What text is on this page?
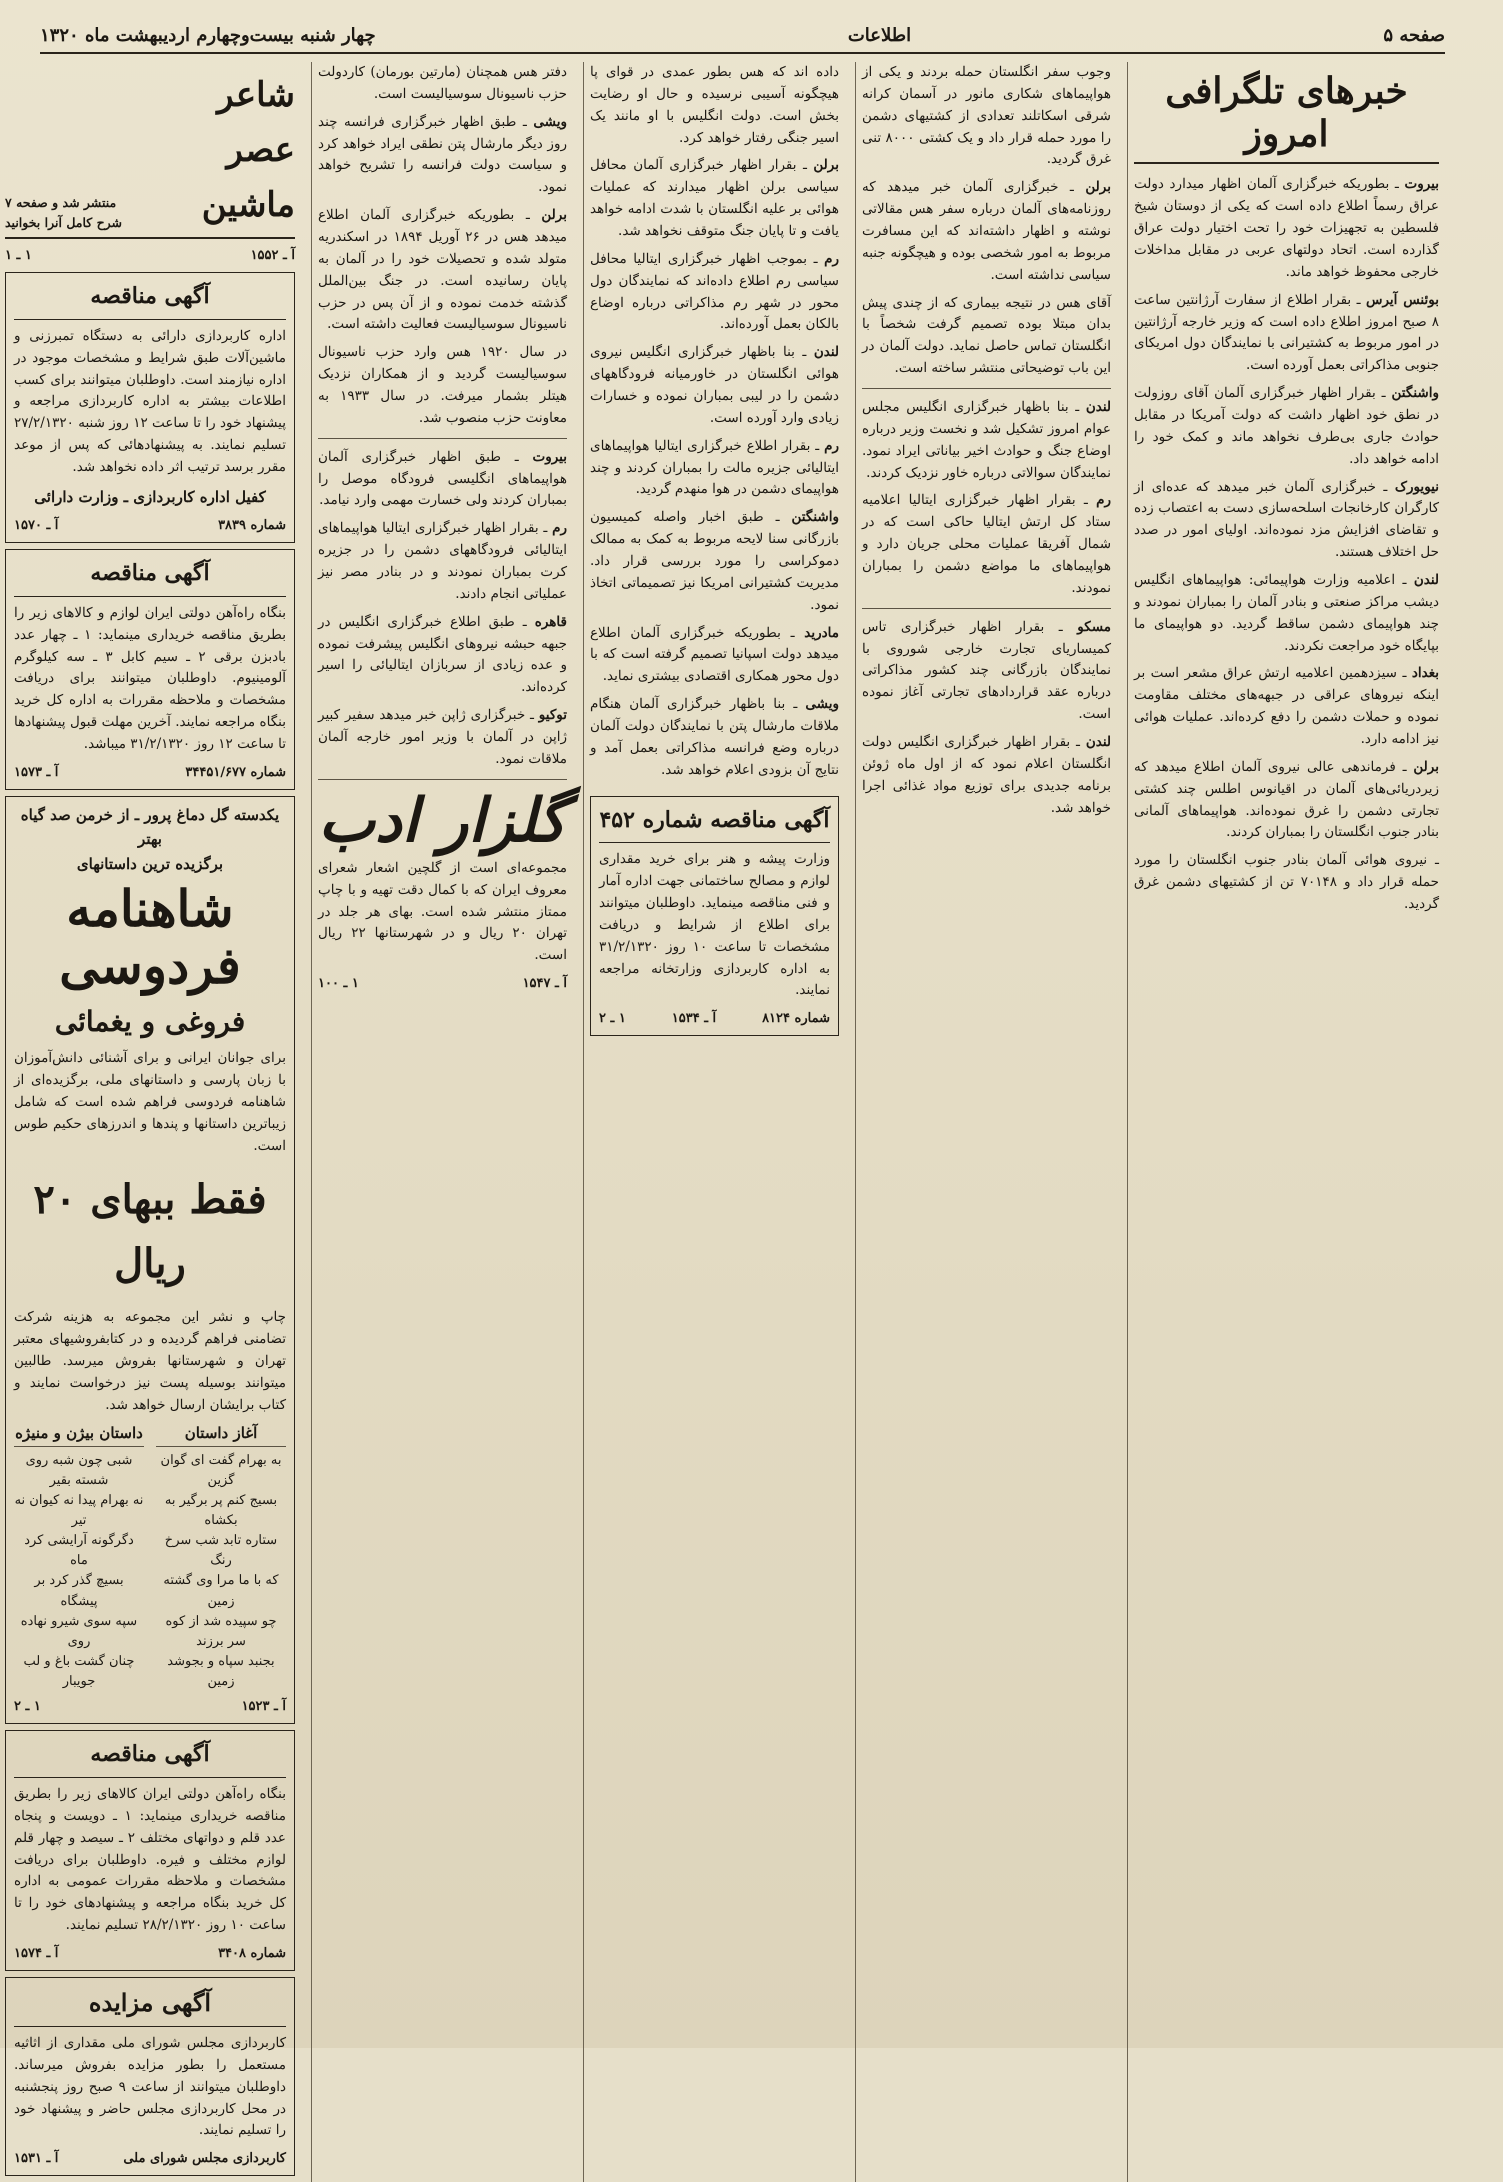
صفحه ۵
اطلاعات
چهار شنبه بیست‌وچهارم اردیبهشت ماه ۱۳۲۰
خبرهای تلگرافی امروز

بیروت ـ بطوریکه خبرگزاری آلمان اظهار میدارد دولت عراق رسماً اطلاع داده است که یکی از دوستان شیخ فلسطین به تجهیزات خود را تحت اختیار دولت عراق گذارده است. اتحاد دولتهای عربی در مقابل مداخلات خارجی محفوظ خواهد ماند.

بوئنس آیرس ـ بقرار اطلاع از سفارت آرژانتین ساعت ۸ صبح امروز اطلاع داده است که وزیر خارجه آرژانتین در امور مربوط به کشتیرانی با نمایندگان دول امریکای جنوبی مذاکراتی بعمل آورده است.

واشنگتن ـ بقرار اظهار خبرگزاری آلمان آقای روزولت در نطق خود اظهار داشت که دولت آمریکا در مقابل حوادث جاری بی‌طرف نخواهد ماند و کمک خود را ادامه خواهد داد.

نیویورک ـ خبرگزاری آلمان خبر میدهد که عده‌ای از کارگران کارخانجات اسلحه‌سازی دست به اعتصاب زده و تقاضای افزایش مزد نموده‌اند. اولیای امور در صدد حل اختلاف هستند.

لندن ـ اعلامیه وزارت هواپیمائی: هواپیماهای انگلیس دیشب مراکز صنعتی و بنادر آلمان را بمباران نمودند و چند هواپیمای دشمن ساقط گردید. دو هواپیمای ما بپایگاه خود مراجعت نکردند.

بغداد ـ سیزدهمین اعلامیه ارتش عراق مشعر است بر اینکه نیروهای عراقی در جبهه‌های مختلف مقاومت نموده و حملات دشمن را دفع کرده‌اند. عملیات هوائی نیز ادامه دارد.

برلن ـ فرماندهی عالی نیروی آلمان اطلاع میدهد که زیردریائی‌های آلمان در اقیانوس اطلس چند کشتی تجارتی دشمن را غرق نموده‌اند. هواپیماهای آلمانی بنادر جنوب انگلستان را بمباران کردند.

ـ نیروی هوائی آلمان بنادر جنوب انگلستان را مورد حمله قرار داد و ۷۰۱۴۸ تن از کشتیهای دشمن غرق گردید.

وجوب سفر انگلستان حمله بردند و یکی از هواپیماهای شکاری مانور در آسمان کرانه شرقی اسکاتلند تعدادی از کشتیهای دشمن را مورد حمله قرار داد و یک کشتی ۸۰۰۰ تنی غرق گردید.

برلن ـ خبرگزاری آلمان خبر میدهد که روزنامه‌های آلمان درباره سفر هس مقالاتی نوشته و اظهار داشته‌اند که این مسافرت مربوط به امور شخصی بوده و هیچگونه جنبه سیاسی نداشته است.

آقای هس در نتیجه بیماری که از چندی پیش بدان مبتلا بوده تصمیم گرفت شخصاً با انگلستان تماس حاصل نماید. دولت آلمان در این باب توضیحاتی منتشر ساخته است.

لندن ـ بنا باظهار خبرگزاری انگلیس مجلس عوام امروز تشکیل شد و نخست وزیر درباره اوضاع جنگ و حوادث اخیر بیاناتی ایراد نمود. نمایندگان سوالاتی درباره خاور نزدیک کردند.

رم ـ بقرار اظهار خبرگزاری ایتالیا اعلامیه ستاد کل ارتش ایتالیا حاکی است که در شمال آفریقا عملیات محلی جریان دارد و هواپیماهای ما مواضع دشمن را بمباران نمودند.

مسکو ـ بقرار اظهار خبرگزاری تاس کمیساریای تجارت خارجی شوروی با نمایندگان بازرگانی چند کشور مذاکراتی درباره عقد قراردادهای تجارتی آغاز نموده است.

لندن ـ بقرار اظهار خبرگزاری انگلیس دولت انگلستان اعلام نمود که از اول ماه ژوئن برنامه جدیدی برای توزیع مواد غذائی اجرا خواهد شد.

داده اند که هس بطور عمدی در قوای پا هیچگونه آسیبی نرسیده و حال او رضایت بخش است. دولت انگلیس با او مانند یک اسیر جنگی رفتار خواهد کرد.

برلن ـ بقرار اظهار خبرگزاری آلمان محافل سیاسی برلن اظهار میدارند که عملیات هوائی بر علیه انگلستان با شدت ادامه خواهد یافت و تا پایان جنگ متوقف نخواهد شد.

رم ـ بموجب اظهار خبرگزاری ایتالیا محافل سیاسی رم اطلاع داده‌اند که نمایندگان دول محور در شهر رم مذاکراتی درباره اوضاع بالکان بعمل آورده‌اند.

لندن ـ بنا باظهار خبرگزاری انگلیس نیروی هوائی انگلستان در خاورمیانه فرودگاههای دشمن را در لیبی بمباران نموده و خسارات زیادی وارد آورده است.

رم ـ بقرار اطلاع خبرگزاری ایتالیا هواپیماهای ایتالیائی جزیره مالت را بمباران کردند و چند هواپیمای دشمن در هوا منهدم گردید.

واشنگتن ـ طبق اخبار واصله کمیسیون بازرگانی سنا لایحه مربوط به کمک به ممالک دموکراسی را مورد بررسی قرار داد. مدیریت کشتیرانی امریکا نیز تصمیماتی اتخاذ نمود.

مادرید ـ بطوریکه خبرگزاری آلمان اطلاع میدهد دولت اسپانیا تصمیم گرفته است که با دول محور همکاری اقتصادی بیشتری نماید.

ویشی ـ بنا باظهار خبرگزاری آلمان هنگام ملاقات مارشال پتن با نمایندگان دولت آلمان درباره وضع فرانسه مذاکراتی بعمل آمد و نتایج آن بزودی اعلام خواهد شد.

آگهی مناقصه شماره ۴۵۲

وزارت پیشه و هنر برای خرید مقداری لوازم و مصالح ساختمانی جهت اداره آمار و فنی مناقصه مینماید. داوطلبان میتوانند برای اطلاع از شرایط و دریافت مشخصات تا ساعت ۱۰ روز ۳۱/۲/۱۳۲۰ به اداره کاربردازی وزارتخانه مراجعه نمایند.

شماره ۸۱۲۴
آ ـ ۱۵۳۴
۱ ـ ۲

دفتر هس همچنان (مارتین بورمان) کاردولت حزب ناسیونال سوسیالیست است.

ویشی ـ طبق اظهار خبرگزاری فرانسه چند روز دیگر مارشال پتن نطقی ایراد خواهد کرد و سیاست دولت فرانسه را تشریح خواهد نمود.

برلن ـ بطوریکه خبرگزاری آلمان اطلاع میدهد هس در ۲۶ آوریل ۱۸۹۴ در اسکندریه متولد شده و تحصیلات خود را در آلمان به پایان رسانیده است. در جنگ بین‌الملل گذشته خدمت نموده و از آن پس در حزب ناسیونال سوسیالیست فعالیت داشته است.

در سال ۱۹۲۰ هس وارد حزب ناسیونال سوسیالیست گردید و از همکاران نزدیک هیتلر بشمار میرفت. در سال ۱۹۳۳ به معاونت حزب منصوب شد.

بیروت ـ طبق اظهار خبرگزاری آلمان هواپیماهای انگلیسی فرودگاه موصل را بمباران کردند ولی خسارت مهمی وارد نیامد.

رم ـ بقرار اظهار خبرگزاری ایتالیا هواپیماهای ایتالیائی فرودگاههای دشمن را در جزیره کرت بمباران نمودند و در بنادر مصر نیز عملیاتی انجام دادند.

قاهره ـ طبق اطلاع خبرگزاری انگلیس در جبهه حبشه نیروهای انگلیس پیشرفت نموده و عده زیادی از سربازان ایتالیائی را اسیر کرده‌اند.

توکیو ـ خبرگزاری ژاپن خبر میدهد سفیر کبیر ژاپن در آلمان با وزیر امور خارجه آلمان ملاقات نمود.

گلزار ادب

مجموعه‌ای است از گلچین اشعار شعرای معروف ایران که با کمال دقت تهیه و با چاپ ممتاز منتشر شده است. بهای هر جلد در تهران ۲۰ ریال و در شهرستانها ۲۲ ریال است.

آ ـ ۱۵۴۷
۱ ـ ۱۰۰
شاعر عصر ماشین
منتشر شد و صفحه ۷ شرح کامل آنرا بخوانید
آ ـ ۱۵۵۲
۱ ـ ۱
آگهی مناقصه

اداره کاربردازی دارائی به دستگاه تمبرزنی و ماشین‌آلات طبق شرایط و مشخصات موجود در اداره نیازمند است. داوطلبان میتوانند برای کسب اطلاعات بیشتر به اداره کاربردازی مراجعه و پیشنهاد خود را تا ساعت ۱۲ روز شنبه ۲۷/۲/۱۳۲۰ تسلیم نمایند. به پیشنهادهائی که پس از موعد مقرر برسد ترتیب اثر داده نخواهد شد.

کفیل اداره کاربردازی ـ وزارت دارائی

شماره ۳۸۳۹
آ ـ ۱۵۷۰
آگهی مناقصه

بنگاه راه‌آهن دولتی ایران لوازم و کالاهای زیر را بطریق مناقصه خریداری مینماید: ۱ ـ چهار عدد بادبزن برقی ۲ ـ سیم کابل ۳ ـ سه کیلوگرم آلومینیوم. داوطلبان میتوانند برای دریافت مشخصات و ملاحظه مقررات به اداره کل خرید بنگاه مراجعه نمایند. آخرین مهلت قبول پیشنهادها تا ساعت ۱۲ روز ۳۱/۲/۱۳۲۰ میباشد.

شماره ۳۴۴۵۱/۶۷۷
آ ـ ۱۵۷۳
یکدسته گل دماغ پرور ـ از خرمن صد گیاه بهتر
برگزیده ترین داستانهای
شاهنامه فردوسی
فروغی و یغمائی

برای جوانان ایرانی و برای آشنائی دانش‌آموزان با زبان پارسی و داستانهای ملی، برگزیده‌ای از شاهنامه فردوسی فراهم شده است که شامل زیباترین داستانها و پندها و اندرزهای حکیم طوس است.

فقط ببهای ۲۰ ریال

چاپ و نشر این مجموعه به هزینه شرکت تضامنی فراهم گردیده و در کتابفروشیهای معتبر تهران و شهرستانها بفروش میرسد. طالبین میتوانند بوسیله پست نیز درخواست نمایند و کتاب برایشان ارسال خواهد شد.

آغاز داستان
به بهرام گفت ای گوان گزین
بسیج کنم پر برگیر به بکشاه
ستاره تابد شب سرخ رنگ
که با ما مرا وی گشته زمین
چو سپیده شد از کوه سر برزند
بجنبد سپاه و بجوشد زمین
داستان بیژن و منیژه
شبی چون شبه روی شسته بقیر
نه بهرام پیدا نه کیوان نه تیر
دگرگونه آرایشی کرد ماه
بسیچ گذر کرد بر پیشگاه
سپه سوی شیرو نهاده روی
چنان گشت باغ و لب جویبار
آ ـ ۱۵۲۳
۱ ـ ۲
آگهی مناقصه

بنگاه راه‌آهن دولتی ایران کالاهای زیر را بطریق مناقصه خریداری مینماید: ۱ ـ دویست و پنجاه عدد قلم و دواتهای مختلف ۲ ـ سیصد و چهار قلم لوازم مختلف و فیره. داوطلبان برای دریافت مشخصات و ملاحظه مقررات عمومی به اداره کل خرید بنگاه مراجعه و پیشنهادهای خود را تا ساعت ۱۰ روز ۲۸/۲/۱۳۲۰ تسلیم نمایند.

شماره ۳۴۰۸
آ ـ ۱۵۷۴
آگهی مزایده

کاربردازی مجلس شورای ملی مقداری از اثاثیه مستعمل را بطور مزایده بفروش میرساند. داوطلبان میتوانند از ساعت ۹ صبح روز پنجشنبه در محل کاربردازی مجلس حاضر و پیشنهاد خود را تسلیم نمایند.

کاربردازی مجلس شورای ملی
آ ـ ۱۵۳۱
